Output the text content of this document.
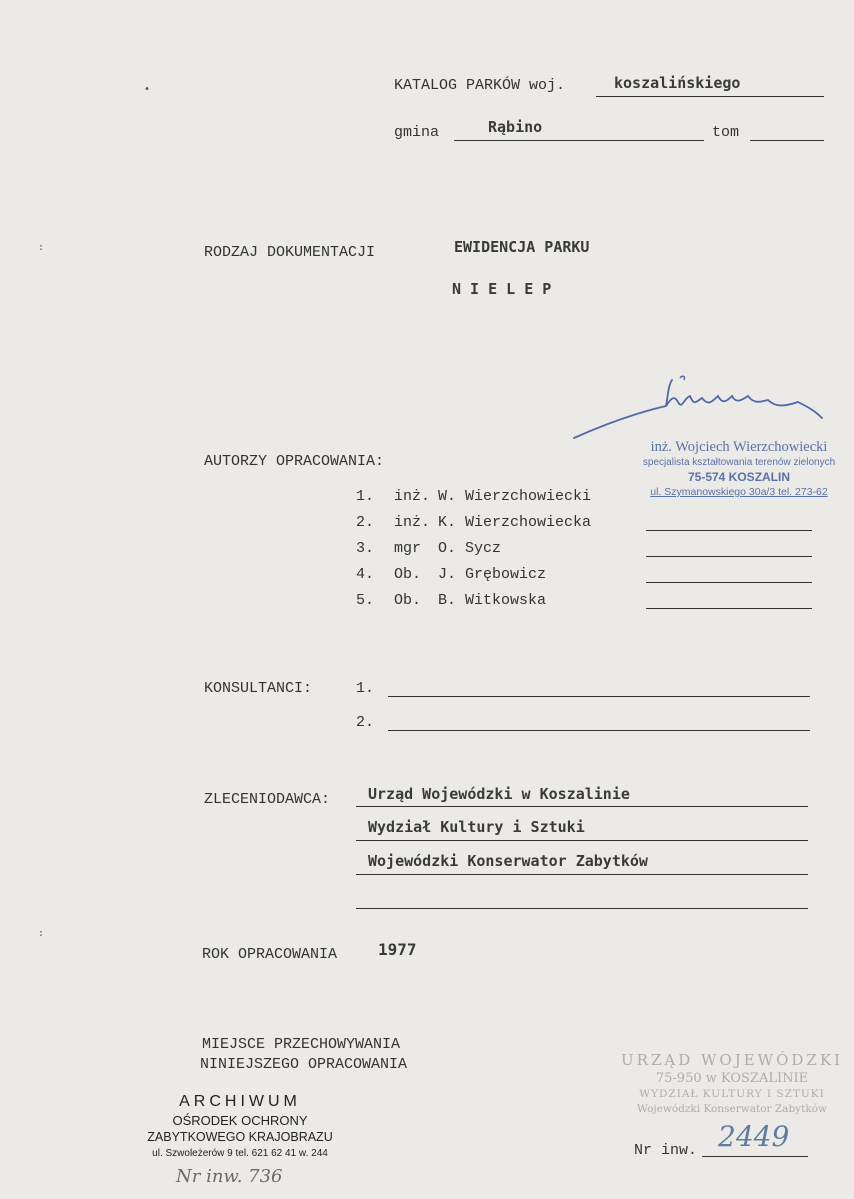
KATALOG PARKÓW woj.	koszalińskiego
gmina	Rąbino	tom
RODZAJ DOKUMENTACJI	EWIDENCJA PARKU
N I E L E P
inż. Wojciech Wierzchowiecki
specjalista kształtowania terenów zielonych
75-574 KOSZALIN
ul. Szymanowskiego 30a/3 tel. 273-62
AUTORZY OPRACOWANIA:
1. inż. W. Wierzchowiecki
2. inż. K. Wierzchowiecka
3. mgr O. Sycz
4. Ob. J. Grębowicz
5. Ob. B. Witkowska
KONSULTANCI:	1.
2.
ZLECENIODAWCA:	Urząd Wojewódzki w Koszalinie
Wydział Kultury i Sztuki
Wojewódzki Konserwator Zabytków
ROK OPRACOWANIA	1977
MIEJSCE PRZECHOWYWANIA
NINIEJSZEGO OPRACOWANIA
ARCHIWUM
OŚRODEK OCHRONY
ZABYTKOWEGO KRAJOBRAZU
ul. Szwoleżerów 9 tel. 621 62 41 w. 244
Nr inw. 736
URZĄD WOJEWÓDZKI
75-950 w KOSZALINIE
WYDZIAŁ KULTURY I SZTUKI
Wojewódzki Konserwator Zabytków
Nr inw. 2449
•
:
:
